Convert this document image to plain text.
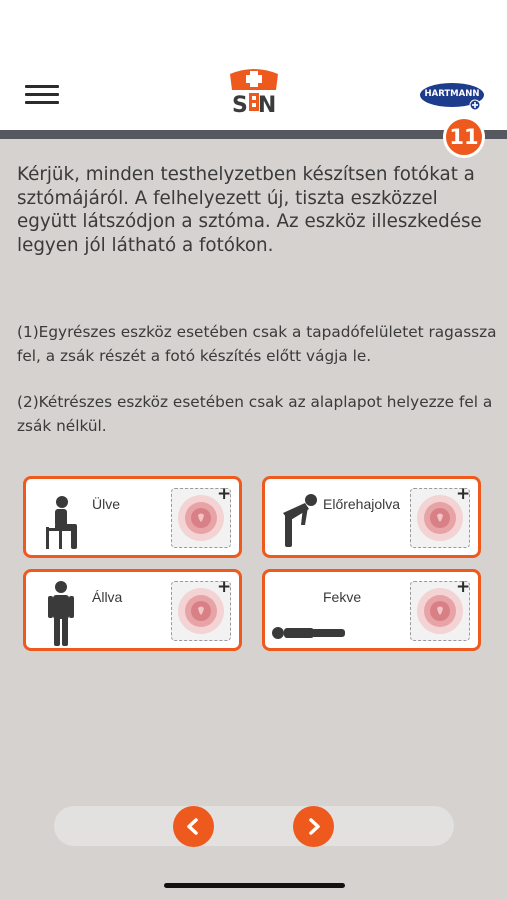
SN	HARTMANN
11
Kérjük, minden testhelyzetben készítsen fotókat a sztómájáról. A felhelyezett új, tiszta eszközzel együtt látszódjon a sztóma. Az eszköz illeszkedése legyen jól látható a fotókon.
(1)Egyrészes eszköz esetében csak a tapadófelületet ragassza fel, a zsák részét a fotó készítés előtt vágja le.
(2)Kétrészes eszköz esetében csak az alaplapot helyezze fel a zsák nélkül.
Ülve	+	Előrehajolva	+
Állva	+	Fekve	+
